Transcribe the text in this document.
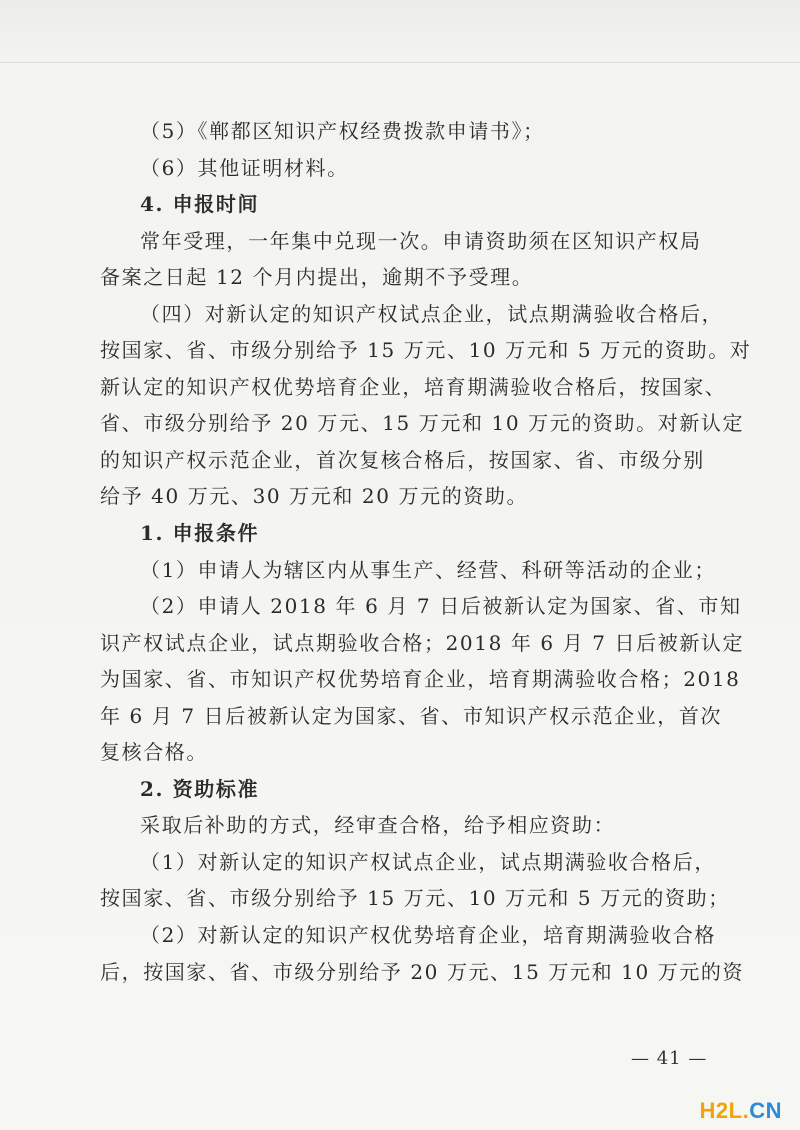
（5）《郸都区知识产权经费拨款申请书》；
（6）其他证明材料。
4. 申报时间
常年受理，一年集中兑现一次。申请资助须在区知识产权局
备案之日起 12 个月内提出，逾期不予受理。
（四）对新认定的知识产权试点企业，试点期满验收合格后，
按国家、省、市级分别给予 15 万元、10 万元和 5 万元的资助。对
新认定的知识产权优势培育企业，培育期满验收合格后，按国家、
省、市级分别给予 20 万元、15 万元和 10 万元的资助。对新认定
的知识产权示范企业，首次复核合格后，按国家、省、市级分别
给予 40 万元、30 万元和 20 万元的资助。
1. 申报条件
（1）申请人为辖区内从事生产、经营、科研等活动的企业；
（2）申请人 2018 年 6 月 7 日后被新认定为国家、省、市知
识产权试点企业，试点期验收合格；2018 年 6 月 7 日后被新认定
为国家、省、市知识产权优势培育企业，培育期满验收合格；2018
年 6 月 7 日后被新认定为国家、省、市知识产权示范企业，首次
复核合格。
2. 资助标准
采取后补助的方式，经审查合格，给予相应资助：
（1）对新认定的知识产权试点企业，试点期满验收合格后，
按国家、省、市级分别给予 15 万元、10 万元和 5 万元的资助；
（2）对新认定的知识产权优势培育企业，培育期满验收合格
后，按国家、省、市级分别给予 20 万元、15 万元和 10 万元的资
— 41 —
H2L.CN
